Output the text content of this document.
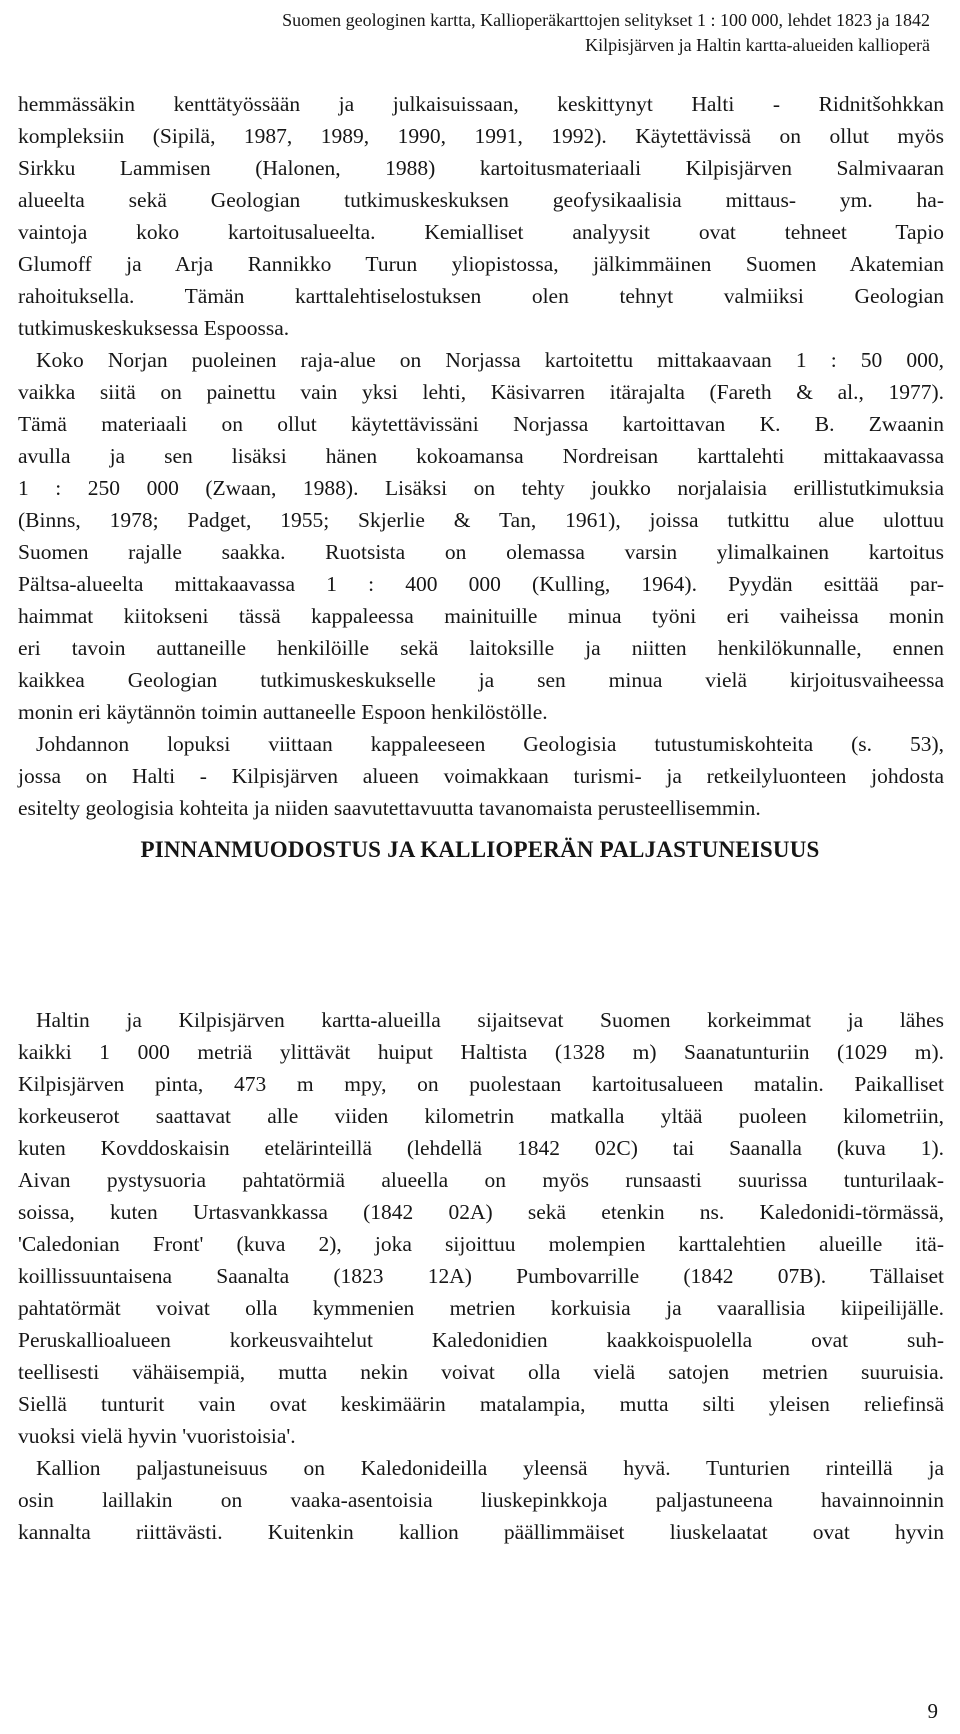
Suomen geologinen kartta, Kallioperäkarttojen selitykset 1 : 100 000, lehdet 1823 ja 1842
Kilpisjärven ja Haltin kartta-alueiden kallioperä
hemmässäkin kenttätyössään ja julkaisuissaan, keskittynyt Halti - Ridnitšohkkan
kompleksiin (Sipilä, 1987, 1989, 1990, 1991, 1992). Käytettävissä on ollut myös
Sirkku Lammisen (Halonen, 1988) kartoitusmateriaali Kilpisjärven Salmivaaran
alueelta sekä Geologian tutkimuskeskuksen geofysikaalisia mittaus- ym. ha-
vaintoja koko kartoitusalueelta. Kemialliset analyysit ovat tehneet Tapio
Glumoff ja Arja Rannikko Turun yliopistossa, jälkimmäinen Suomen Akatemian
rahoituksella. Tämän karttalehtiselostuksen olen tehnyt valmiiksi Geologian
tutkimuskeskuksessa Espoossa.
Koko Norjan puoleinen raja-alue on Norjassa kartoitettu mittakaavaan 1 : 50 000,
vaikka siitä on painettu vain yksi lehti, Käsivarren itärajalta (Fareth & al., 1977).
Tämä materiaali on ollut käytettävissäni Norjassa kartoittavan K. B. Zwaanin
avulla ja sen lisäksi hänen kokoamansa Nordreisan karttalehti mittakaavassa
1 : 250 000 (Zwaan, 1988). Lisäksi on tehty joukko norjalaisia erillistutkimuksia
(Binns, 1978; Padget, 1955; Skjerlie & Tan, 1961), joissa tutkittu alue ulottuu
Suomen rajalle saakka. Ruotsista on olemassa varsin ylimalkainen kartoitus
Pältsa-alueelta mittakaavassa 1 : 400 000 (Kulling, 1964). Pyydän esittää par-
haimmat kiitokseni tässä kappaleessa mainituille minua työni eri vaiheissa monin
eri tavoin auttaneille henkilöille sekä laitoksille ja niitten henkilökunnalle, ennen
kaikkea Geologian tutkimuskeskukselle ja sen minua vielä kirjoitusvaiheessa
monin eri käytännön toimin auttaneelle Espoon henkilöstölle.
Johdannon lopuksi viittaan kappaleeseen Geologisia tutustumiskohteita (s. 53),
jossa on Halti - Kilpisjärven alueen voimakkaan turismi- ja retkeilyluonteen johdosta
esitelty geologisia kohteita ja niiden saavutettavuutta tavanomaista perusteellisemmin.
PINNANMUODOSTUS JA KALLIOPERÄN PALJASTUNEISUUS
Haltin ja Kilpisjärven kartta-alueilla sijaitsevat Suomen korkeimmat ja lähes
kaikki 1 000 metriä ylittävät huiput Haltista (1328 m) Saanatunturiin (1029 m).
Kilpisjärven pinta, 473 m mpy, on puolestaan kartoitusalueen matalin. Paikalliset
korkeuserot saattavat alle viiden kilometrin matkalla yltää puoleen kilometriin,
kuten Kovddoskaisin etelärinteillä (lehdellä 1842 02C) tai Saanalla (kuva 1).
Aivan pystysuoria pahtatörmiä alueella on myös runsaasti suurissa tunturilaak-
soissa, kuten Urtasvankkassa (1842 02A) sekä etenkin ns. Kaledonidi-törmässä,
'Caledonian Front' (kuva 2), joka sijoittuu molempien karttalehtien alueille itä-
koillissuuntaisena Saanalta (1823 12A) Pumbovarrille (1842 07B). Tällaiset
pahtatörmät voivat olla kymmenien metrien korkuisia ja vaarallisia kiipeilijälle.
Peruskallioalueen korkeusvaihtelut Kaledonidien kaakkoispuolella ovat suh-
teellisesti vähäisempiä, mutta nekin voivat olla vielä satojen metrien suuruisia.
Siellä tunturit vain ovat keskimäärin matalampia, mutta silti yleisen reliefinsä
vuoksi vielä hyvin 'vuoristoisia'.
Kallion paljastuneisuus on Kaledonideilla yleensä hyvä. Tunturien rinteillä ja
osin laillakin on vaaka-asentoisia liuskepinkkoja paljastuneena havainnoinnin
kannalta riittävästi. Kuitenkin kallion päällimmäiset liuskelaatat ovat hyvin
9
